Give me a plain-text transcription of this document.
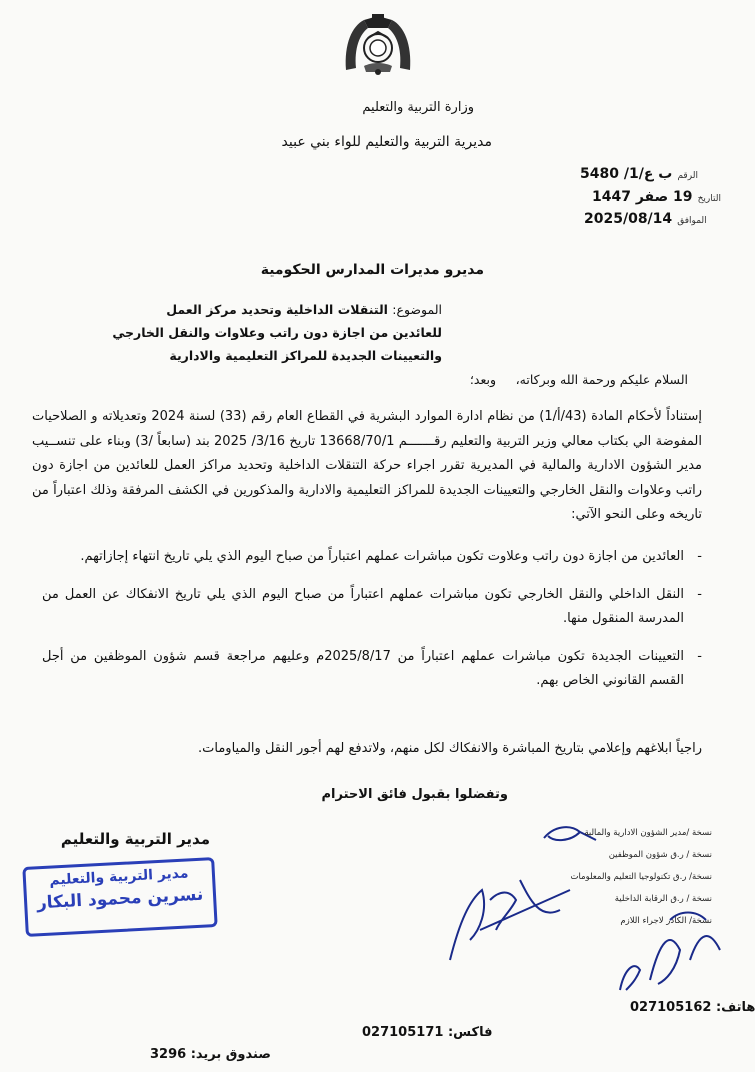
وزارة التربية والتعليم
مديرية التربية والتعليم للواء بني عبيد
الرقم ب ع/1/ 5480
التاريخ 19 صفر 1447
الموافق 2025/08/14
مديرو مديرات المدارس الحكومية
الموضوع: التنقلات الداخلية وتحديد مركز العمل
للعائدين من اجازة دون راتب وعلاوات والنقل الخارجي
والتعيينات الجديدة للمراكز التعليمية والادارية
السلام عليكم ورحمة الله وبركاته،
وبعد؛
إستناداً لأحكام المادة (43/أ/1) من نظام ادارة الموارد البشرية في القطاع العام رقم (33) لسنة 2024 وتعديلاته و الصلاحيات المفوضة الي بكتاب معالي وزير التربية والتعليم رقـــــــم 13668/70/1 تاريخ 3/16/ 2025 بند (سابعاً /3) وبناء على تنســيب مدير الشؤون الادارية والمالية في المديرية تقرر اجراء حركة التنقلات الداخلية وتحديد مراكز العمل للعائدين من اجازة دون راتب وعلاوات والنقل الخارجي والتعيينات الجديدة للمراكز التعليمية والادارية والمذكورين في الكشف المرفقة وذلك اعتباراً من تاريخه وعلى النحو الآتي:
- العائدين من اجازة دون راتب وعلاوت تكون مباشرات عملهم اعتباراً من صباح اليوم الذي يلي تاريخ انتهاء إجازاتهم.
- النقل الداخلي والنقل الخارجي تكون مباشرات عملهم اعتباراً من صباح اليوم الذي يلي تاريخ الانفكاك عن العمل من المدرسة المنقول منها.
- التعيينات الجديدة تكون مباشرات عملهم اعتباراً من 2025/8/17م وعليهم مراجعة قسم شؤون الموظفين من أجل القسم القانوني الخاص بهم.
راجياً ابلاغهم وإعلامي بتاريخ المباشرة والانفكاك لكل منهم، ولاتدفع لهم أجور النقل والمياومات.
وتفضلوا بقبول فائق الاحترام
مدير التربية والتعليم
مدير التربية والتعليم
نسرين محمود البكار
نسخة /مدير الشؤون الادارية والمالية
نسخة / ر.ق شؤون الموظفين
نسخة/ ر.ق تكنولوجيا التعليم والمعلومات
نسخة / ر.ق الرقابة الداخلية
نسخة/ الكادر لاجراء اللازم
هاتف: 027105162
فاكس: 027105171
صندوق بريد: 3296
